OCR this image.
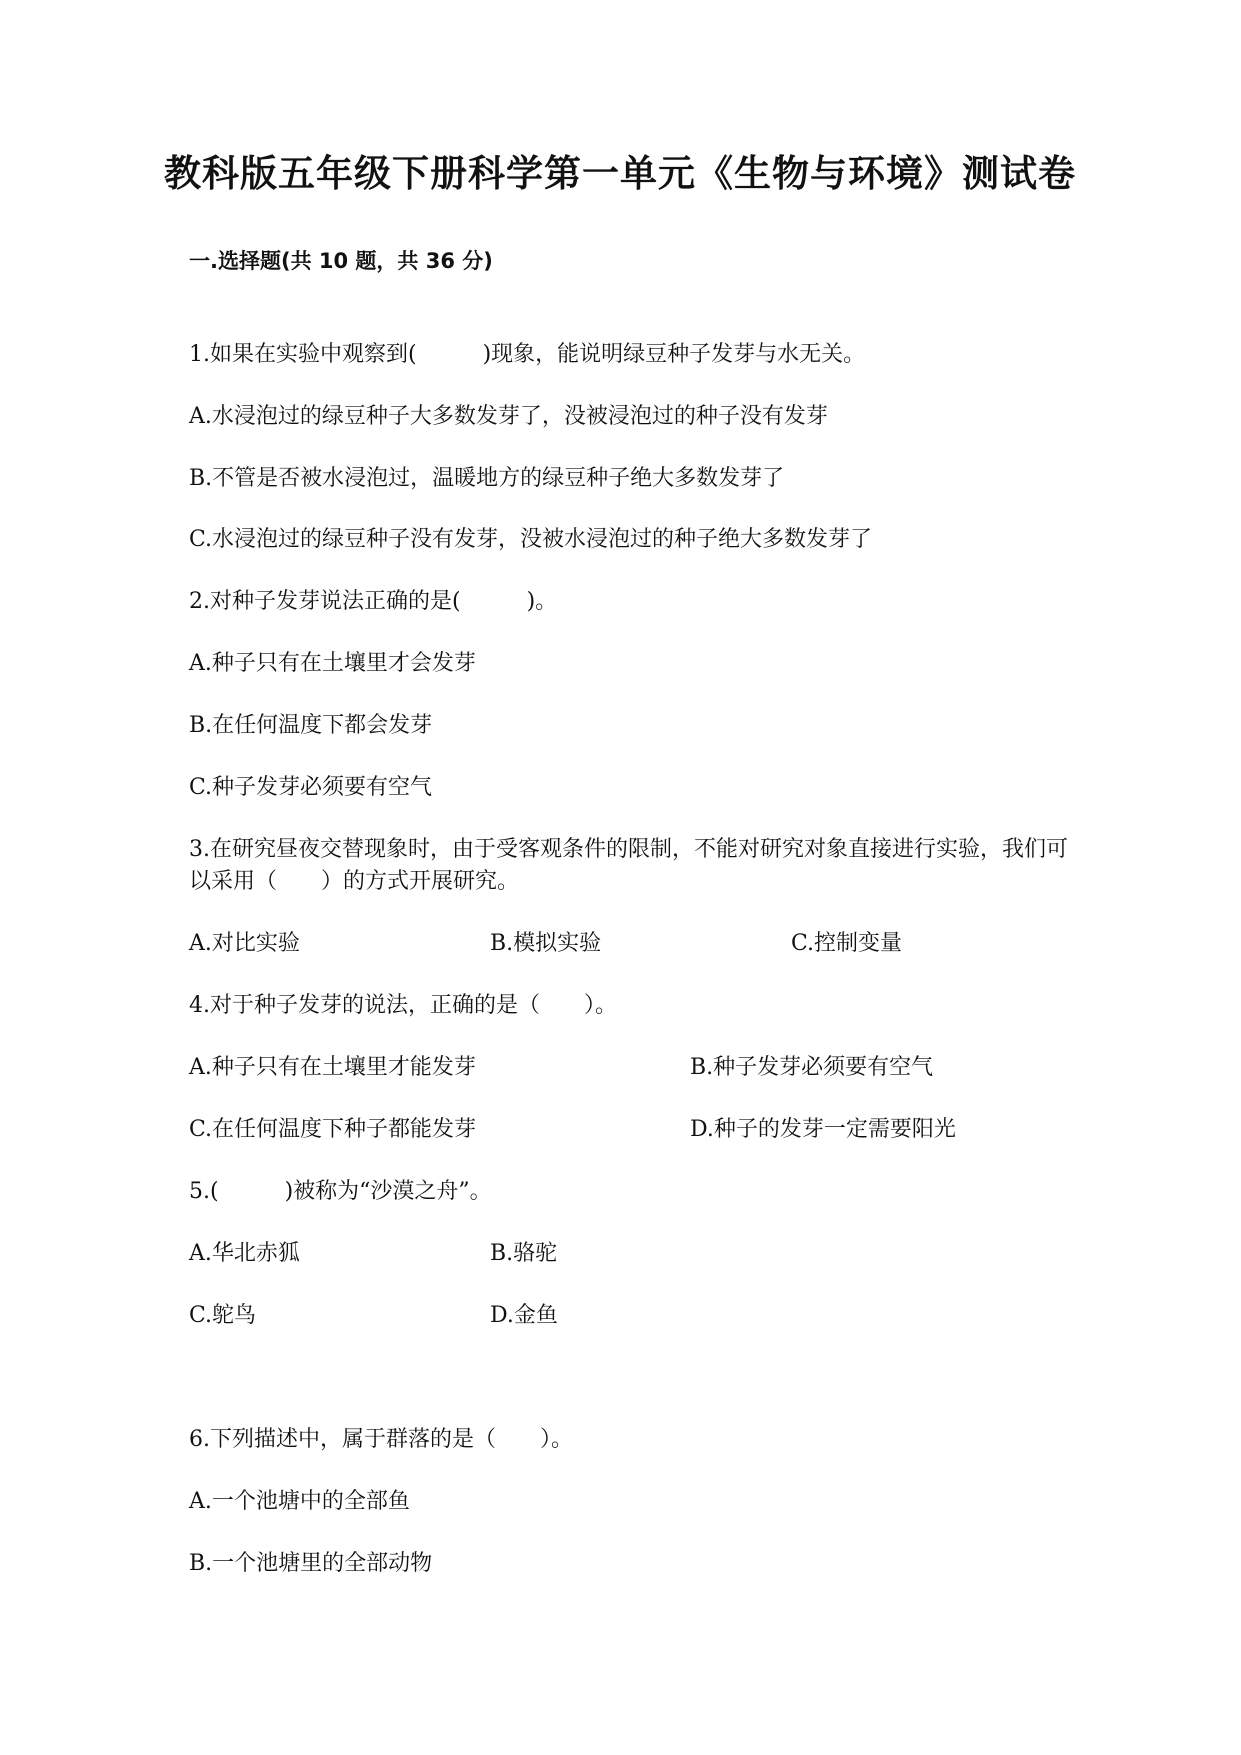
教科版五年级下册科学第一单元《生物与环境》测试卷
一.选择题(共 10 题，共 36 分)
1.如果在实验中观察到(　　　)现象，能说明绿豆种子发芽与水无关。
A.水浸泡过的绿豆种子大多数发芽了，没被浸泡过的种子没有发芽
B.不管是否被水浸泡过，温暖地方的绿豆种子绝大多数发芽了
C.水浸泡过的绿豆种子没有发芽，没被水浸泡过的种子绝大多数发芽了
2.对种子发芽说法正确的是(　　　)。
A.种子只有在土壤里才会发芽
B.在任何温度下都会发芽
C.种子发芽必须要有空气
3.在研究昼夜交替现象时，由于受客观条件的限制，不能对研究对象直接进行实验，我们可以采用（　　）的方式开展研究。
A.对比实验	B.模拟实验	C.控制变量
4.对于种子发芽的说法，正确的是（　　）。
A.种子只有在土壤里才能发芽	B.种子发芽必须要有空气
C.在任何温度下种子都能发芽	D.种子的发芽一定需要阳光
5.(　　　)被称为“沙漠之舟”。
A.华北赤狐	B.骆驼
C.鸵鸟	D.金鱼
6.下列描述中，属于群落的是（　　）。
A.一个池塘中的全部鱼
B.一个池塘里的全部动物
